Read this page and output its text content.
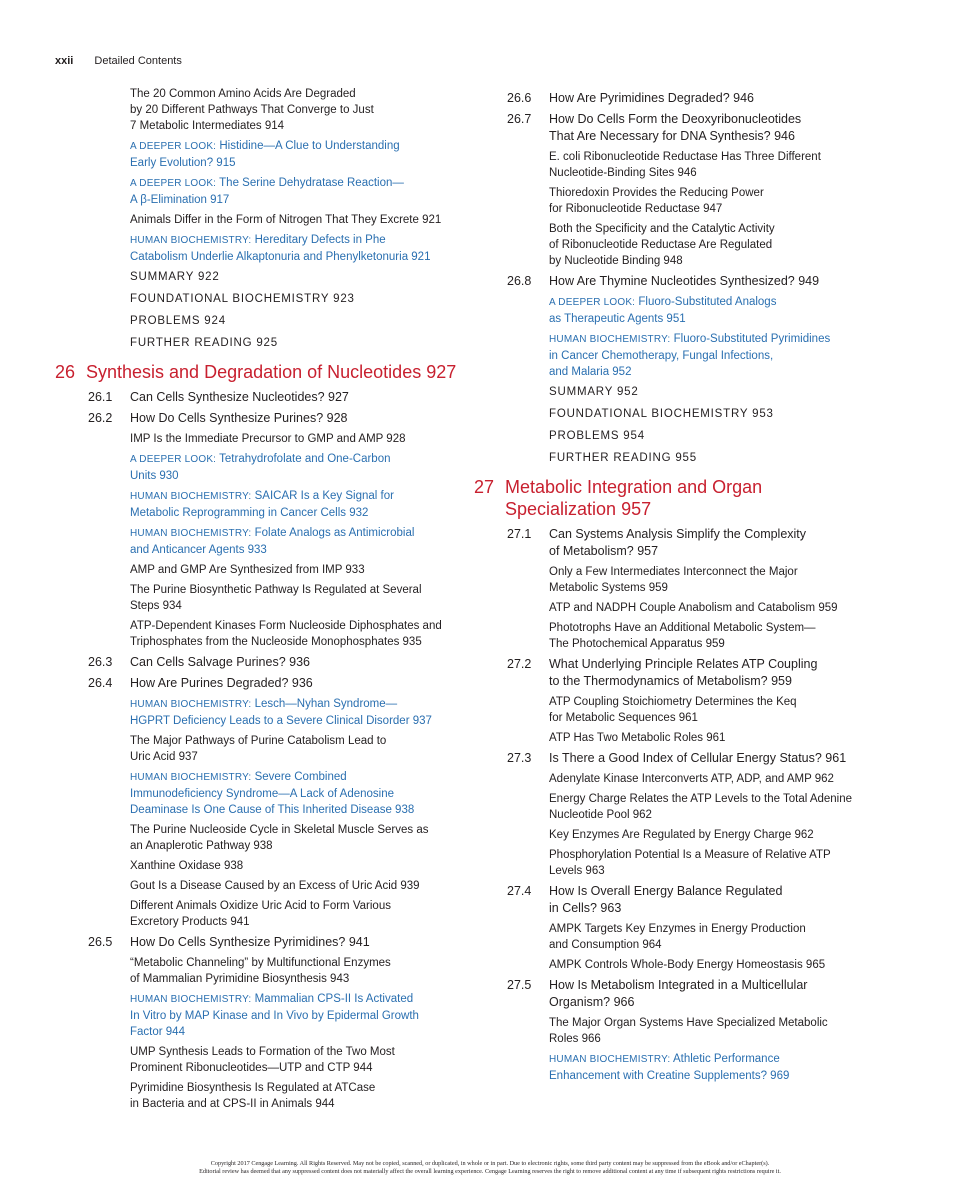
xxii Detailed Contents
The 20 Common Amino Acids Are Degraded
by 20 Different Pathways That Converge to Just
7 Metabolic Intermediates 914
A DEEPER LOOK: Histidine—A Clue to Understanding
Early Evolution? 915
A DEEPER LOOK: The Serine Dehydratase Reaction—
A β-Elimination 917
Animals Differ in the Form of Nitrogen That They Excrete 921
HUMAN BIOCHEMISTRY: Hereditary Defects in Phe
Catabolism Underlie Alkaptonuria and Phenylketonuria 921
SUMMARY 922
FOUNDATIONAL BIOCHEMISTRY 923
PROBLEMS 924
FURTHER READING 925
26 Synthesis and Degradation of Nucleotides 927
26.1 Can Cells Synthesize Nucleotides? 927
26.2 How Do Cells Synthesize Purines? 928
IMP Is the Immediate Precursor to GMP and AMP 928
A DEEPER LOOK: Tetrahydrofolate and One-Carbon
Units 930
HUMAN BIOCHEMISTRY: SAICAR Is a Key Signal for
Metabolic Reprogramming in Cancer Cells 932
HUMAN BIOCHEMISTRY: Folate Analogs as Antimicrobial
and Anticancer Agents 933
AMP and GMP Are Synthesized from IMP 933
The Purine Biosynthetic Pathway Is Regulated at Several
Steps 934
ATP-Dependent Kinases Form Nucleoside Diphosphates and
Triphosphates from the Nucleoside Monophosphates 935
26.3 Can Cells Salvage Purines? 936
26.4 How Are Purines Degraded? 936
HUMAN BIOCHEMISTRY: Lesch—Nyhan Syndrome—
HGPRT Deficiency Leads to a Severe Clinical Disorder 937
The Major Pathways of Purine Catabolism Lead to
Uric Acid 937
HUMAN BIOCHEMISTRY: Severe Combined
Immunodeficiency Syndrome—A Lack of Adenosine
Deaminase Is One Cause of This Inherited Disease 938
The Purine Nucleoside Cycle in Skeletal Muscle Serves as
an Anaplerotic Pathway 938
Xanthine Oxidase 938
Gout Is a Disease Caused by an Excess of Uric Acid 939
Different Animals Oxidize Uric Acid to Form Various
Excretory Products 941
26.5 How Do Cells Synthesize Pyrimidines? 941
“Metabolic Channeling” by Multifunctional Enzymes
of Mammalian Pyrimidine Biosynthesis 943
HUMAN BIOCHEMISTRY: Mammalian CPS-II Is Activated
In Vitro by MAP Kinase and In Vivo by Epidermal Growth
Factor 944
UMP Synthesis Leads to Formation of the Two Most
Prominent Ribonucleotides—UTP and CTP 944
Pyrimidine Biosynthesis Is Regulated at ATCase
in Bacteria and at CPS-II in Animals 944
26.6 How Are Pyrimidines Degraded? 946
26.7 How Do Cells Form the Deoxyribonucleotides
That Are Necessary for DNA Synthesis? 946
E. coli Ribonucleotide Reductase Has Three Different
Nucleotide-Binding Sites 946
Thioredoxin Provides the Reducing Power
for Ribonucleotide Reductase 947
Both the Specificity and the Catalytic Activity
of Ribonucleotide Reductase Are Regulated
by Nucleotide Binding 948
26.8 How Are Thymine Nucleotides Synthesized? 949
A DEEPER LOOK: Fluoro-Substituted Analogs
as Therapeutic Agents 951
HUMAN BIOCHEMISTRY: Fluoro-Substituted Pyrimidines
in Cancer Chemotherapy, Fungal Infections,
and Malaria 952
SUMMARY 952
FOUNDATIONAL BIOCHEMISTRY 953
PROBLEMS 954
FURTHER READING 955
27 Metabolic Integration and Organ
Specialization 957
27.1 Can Systems Analysis Simplify the Complexity
of Metabolism? 957
Only a Few Intermediates Interconnect the Major
Metabolic Systems 959
ATP and NADPH Couple Anabolism and Catabolism 959
Phototrophs Have an Additional Metabolic System—
The Photochemical Apparatus 959
27.2 What Underlying Principle Relates ATP Coupling
to the Thermodynamics of Metabolism? 959
ATP Coupling Stoichiometry Determines the Keq
for Metabolic Sequences 961
ATP Has Two Metabolic Roles 961
27.3 Is There a Good Index of Cellular Energy Status? 961
Adenylate Kinase Interconverts ATP, ADP, and AMP 962
Energy Charge Relates the ATP Levels to the Total Adenine
Nucleotide Pool 962
Key Enzymes Are Regulated by Energy Charge 962
Phosphorylation Potential Is a Measure of Relative ATP
Levels 963
27.4 How Is Overall Energy Balance Regulated
in Cells? 963
AMPK Targets Key Enzymes in Energy Production
and Consumption 964
AMPK Controls Whole-Body Energy Homeostasis 965
27.5 How Is Metabolism Integrated in a Multicellular
Organism? 966
The Major Organ Systems Have Specialized Metabolic
Roles 966
HUMAN BIOCHEMISTRY: Athletic Performance
Enhancement with Creatine Supplements? 969
Copyright 2017 Cengage Learning. All Rights Reserved. May not be copied, scanned, or duplicated, in whole or in part. Due to electronic rights, some third party content may be suppressed from the eBook and/or eChapter(s).
Editorial review has deemed that any suppressed content does not materially affect the overall learning experience. Cengage Learning reserves the right to remove additional content at any time if subsequent rights restrictions require it.
